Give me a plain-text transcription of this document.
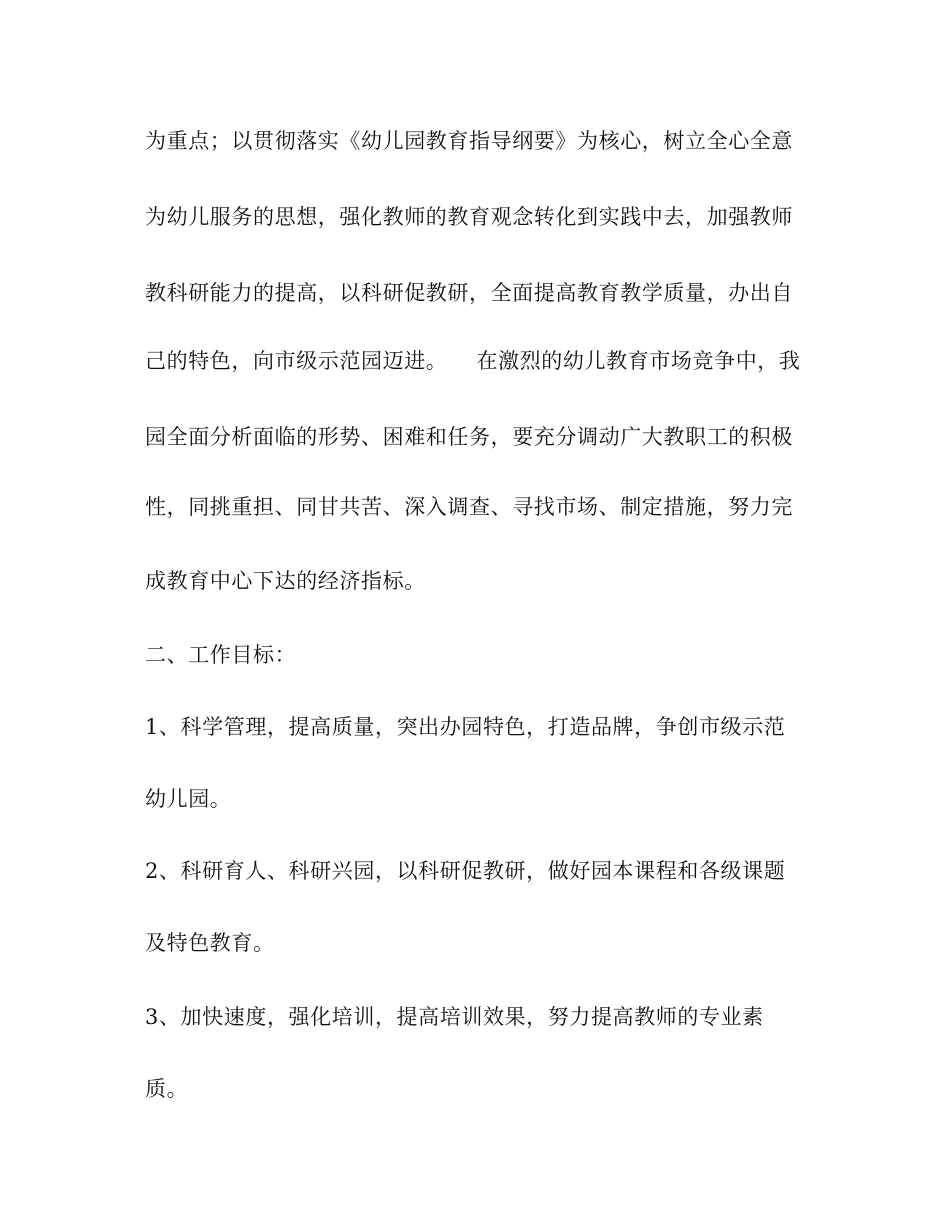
为重点；以贯彻落实《幼儿园教育指导纲要》为核心，树立全心全意
为幼儿服务的思想，强化教师的教育观念转化到实践中去，加强教师
教科研能力的提高，以科研促教研，全面提高教育教学质量，办出自
己的特色，向市级示范园迈进。    在激烈的幼儿教育市场竞争中，我
园全面分析面临的形势、困难和任务，要充分调动广大教职工的积极
性，同挑重担、同甘共苦、深入调查、寻找市场、制定措施，努力完
成教育中心下达的经济指标。
二、工作目标：
1、科学管理，提高质量，突出办园特色，打造品牌，争创市级示范
幼儿园。
2、科研育人、科研兴园，以科研促教研，做好园本课程和各级课题
及特色教育。
3、加快速度，强化培训，提高培训效果，努力提高教师的专业素
质。
